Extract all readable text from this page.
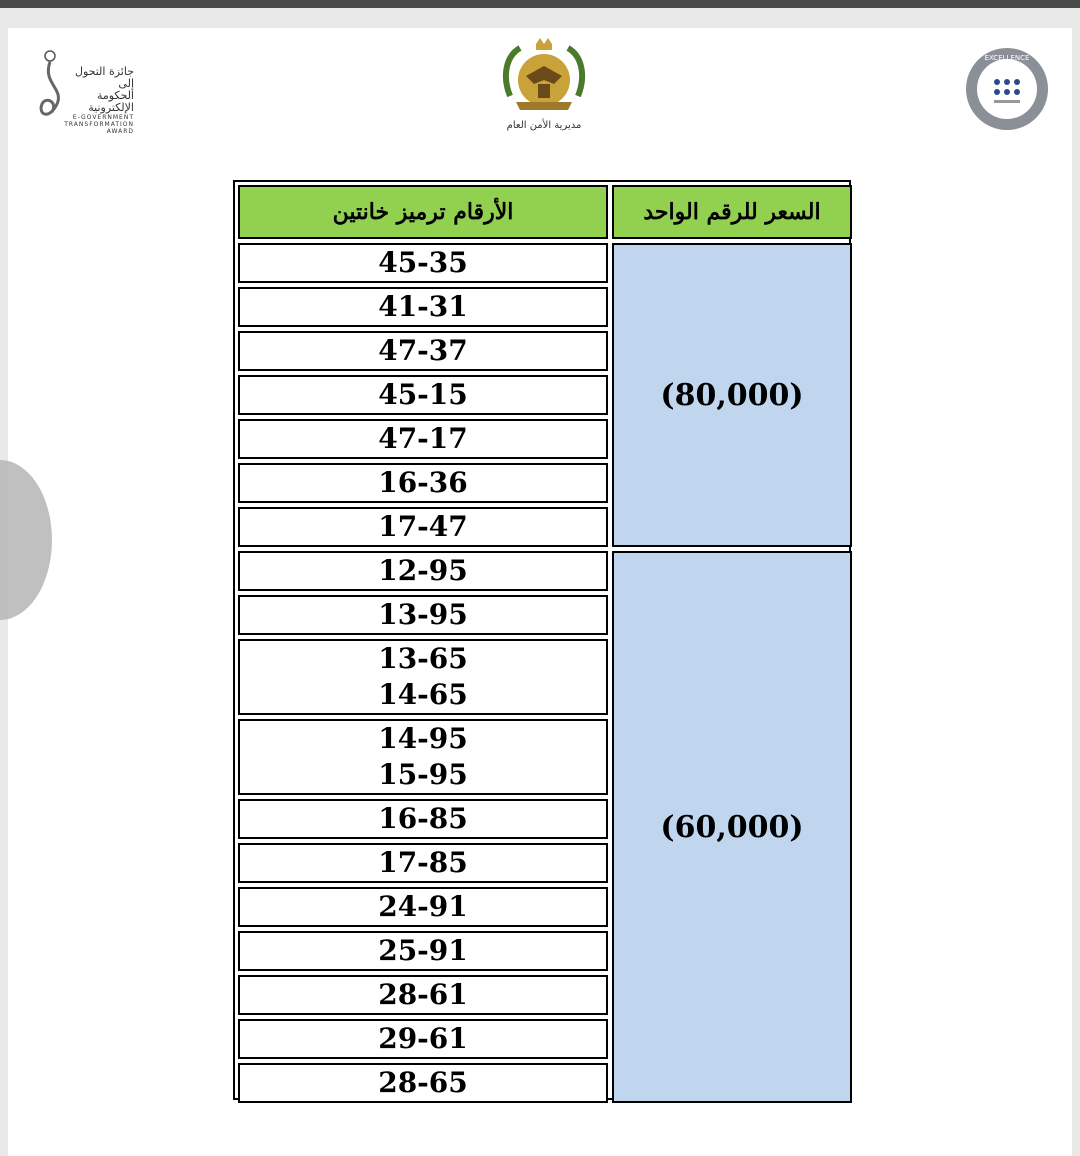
جائزة التحول إلى
الحكومة الإلكترونية
E-GOVERNMENT
TRANSFORMATION AWARD
مديرية الأمن العام
EXCELLENCE
الأرقام ترميز خانتين	السعر للرقم الواحد
(80,000)
(60,000)
45-35
41-31
47-37
45-15
47-17
16-36
17-47
12-95
13-95
13-65
14-65
14-95
15-95
16-85
17-85
24-91
25-91
28-61
29-61
28-65
